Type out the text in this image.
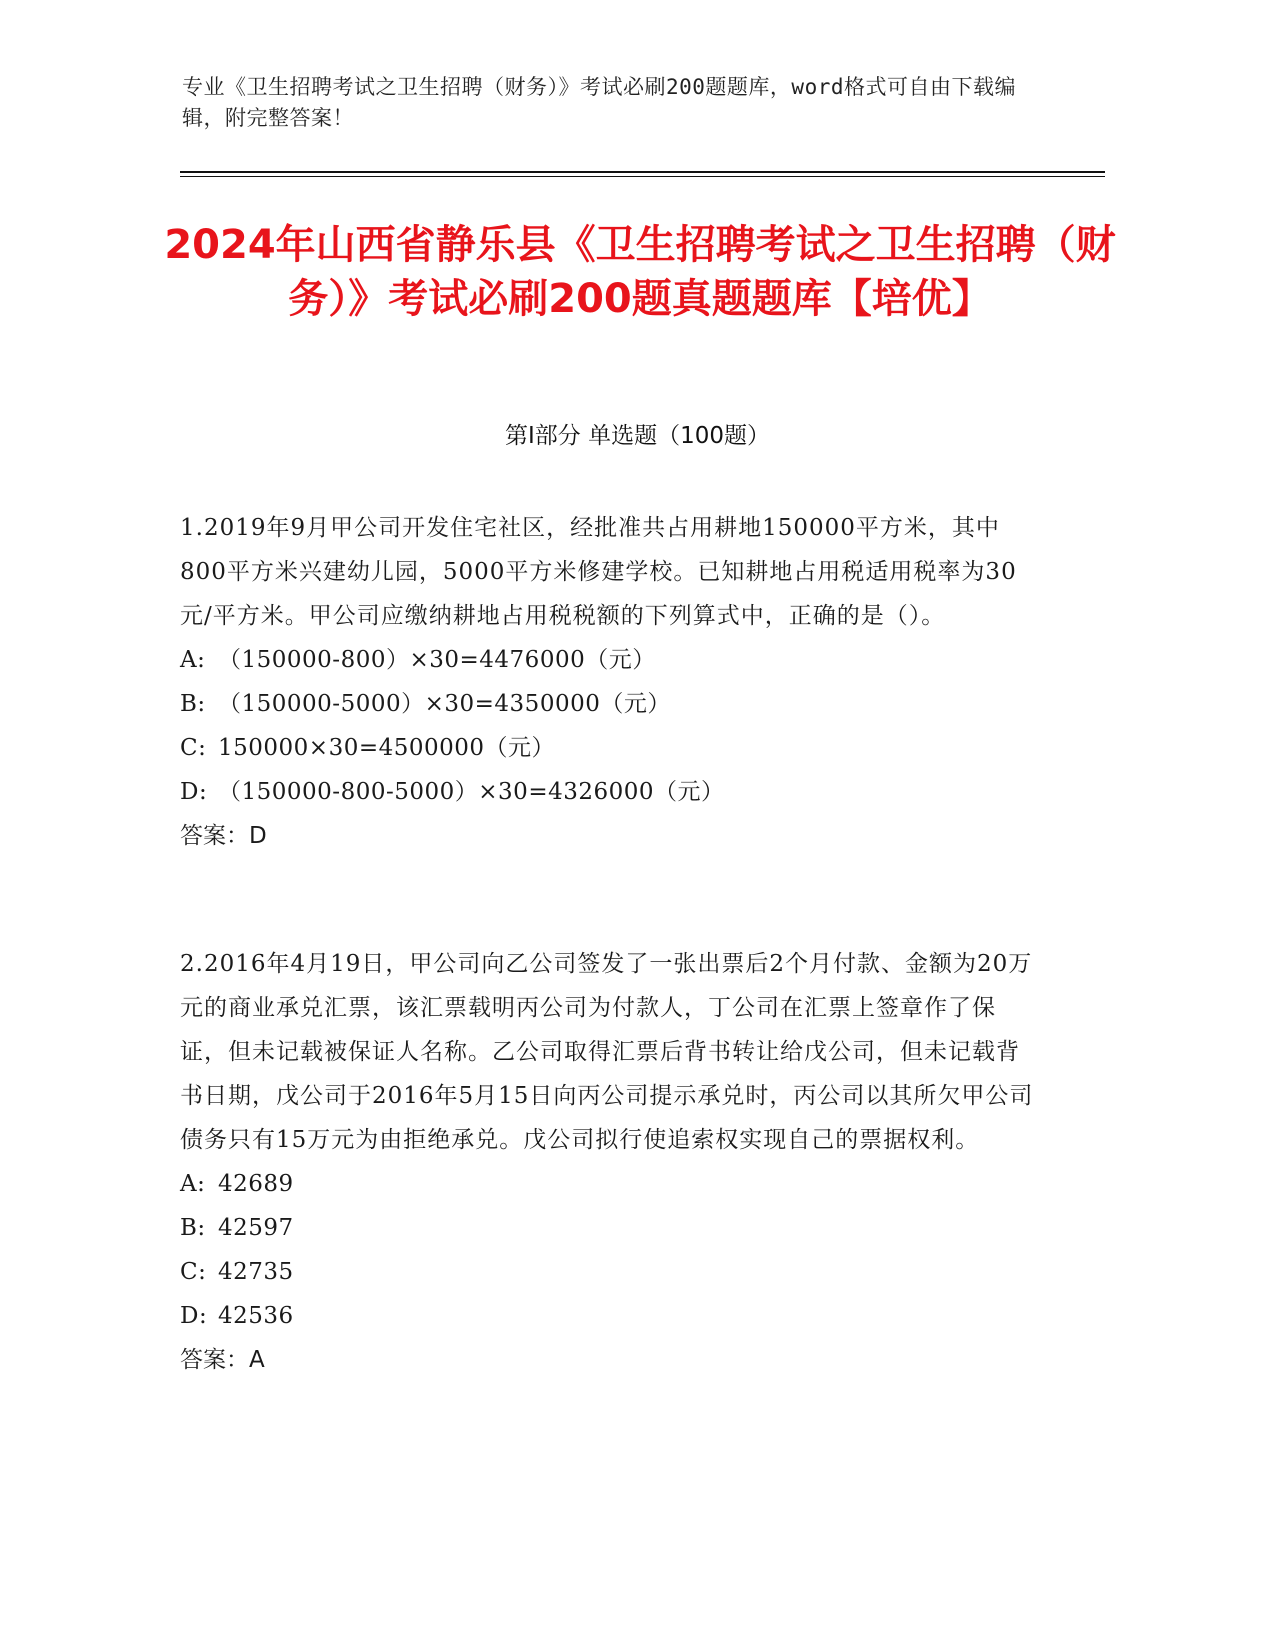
专业《卫生招聘考试之卫生招聘（财务）》考试必刷200题题库，word格式可自由下载编辑，附完整答案！
2024年山西省静乐县《卫生招聘考试之卫生招聘（财务）》考试必刷200题真题题库【培优】
第I部分 单选题（100题）
1.2019年9月甲公司开发住宅社区，经批准共占用耕地150000平方米，其中800平方米兴建幼儿园，5000平方米修建学校。已知耕地占用税适用税率为30元/平方米。甲公司应缴纳耕地占用税税额的下列算式中，正确的是（）。
A: （150000-800）×30=4476000（元）
B: （150000-5000）×30=4350000（元）
C: 150000×30=4500000（元）
D: （150000-800-5000）×30=4326000（元）
答案：D
2.2016年4月19日，甲公司向乙公司签发了一张出票后2个月付款、金额为20万元的商业承兑汇票，该汇票载明丙公司为付款人，丁公司在汇票上签章作了保证，但未记载被保证人名称。乙公司取得汇票后背书转让给戊公司，但未记载背书日期，戊公司于2016年5月15日向丙公司提示承兑时，丙公司以其所欠甲公司债务只有15万元为由拒绝承兑。戊公司拟行使追索权实现自己的票据权利。
A: 42689
B: 42597
C: 42735
D: 42536
答案：A
